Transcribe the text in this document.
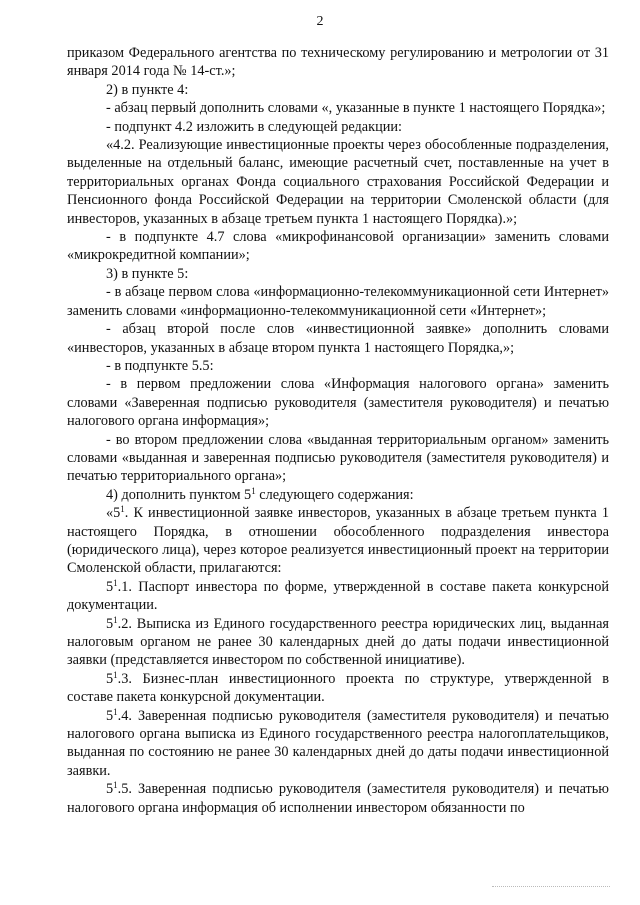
2

приказом Федерального агентства по техническому регулированию и метрологии от 31 января 2014 года № 14-ст.»;

2) в пункте 4:

- абзац первый дополнить словами «, указанные в пункте 1 настоящего Порядка»;

- подпункт 4.2 изложить в следующей редакции:

«4.2. Реализующие инвестиционные проекты через обособленные подразделения, выделенные на отдельный баланс, имеющие расчетный счет, поставленные на учет в территориальных органах Фонда социального страхования Российской Федерации и Пенсионного фонда Российской Федерации на территории Смоленской области (для инвесторов, указанных в абзаце третьем пункта 1 настоящего Порядка).»;

- в подпункте 4.7 слова «микрофинансовой организации» заменить словами «микрокредитной компании»;

3) в пункте 5:

- в абзаце первом слова «информационно-телекоммуникационной сети Интернет» заменить словами «информационно-телекоммуникационной сети «Интернет»;

- абзац второй после слов «инвестиционной заявке» дополнить словами «инвесторов, указанных в абзаце втором пункта 1 настоящего Порядка,»;

- в подпункте 5.5:

- в первом предложении слова «Информация налогового органа» заменить словами «Заверенная подписью руководителя (заместителя руководителя) и печатью налогового органа информация»;

- во втором предложении слова «выданная территориальным органом» заменить словами «выданная и заверенная подписью руководителя (заместителя руководителя) и печатью территориального органа»;

4) дополнить пунктом $5^1$ следующего содержания:

«$5^1$. К инвестиционной заявке инвесторов, указанных в абзаце третьем пункта 1 настоящего Порядка, в отношении обособленного подразделения инвестора (юридического лица), через которое реализуется инвестиционный проект на территории Смоленской области, прилагаются:

$5^1.1$. Паспорт инвестора по форме, утвержденной в составе пакета конкурсной документации.

$5^1.2$. Выписка из Единого государственного реестра юридических лиц, выданная налоговым органом не ранее 30 календарных дней до даты подачи инвестиционной заявки (представляется инвестором по собственной инициативе).

$5^1.3$. Бизнес-план инвестиционного проекта по структуре, утвержденной в составе пакета конкурсной документации.

$5^1.4$. Заверенная подписью руководителя (заместителя руководителя) и печатью налогового органа выписка из Единого государственного реестра налогоплательщиков, выданная по состоянию не ранее 30 календарных дней до даты подачи инвестиционной заявки.

$5^1.5$. Заверенная подписью руководителя (заместителя руководителя) и печатью налогового органа информация об исполнении инвестором обязанности по
